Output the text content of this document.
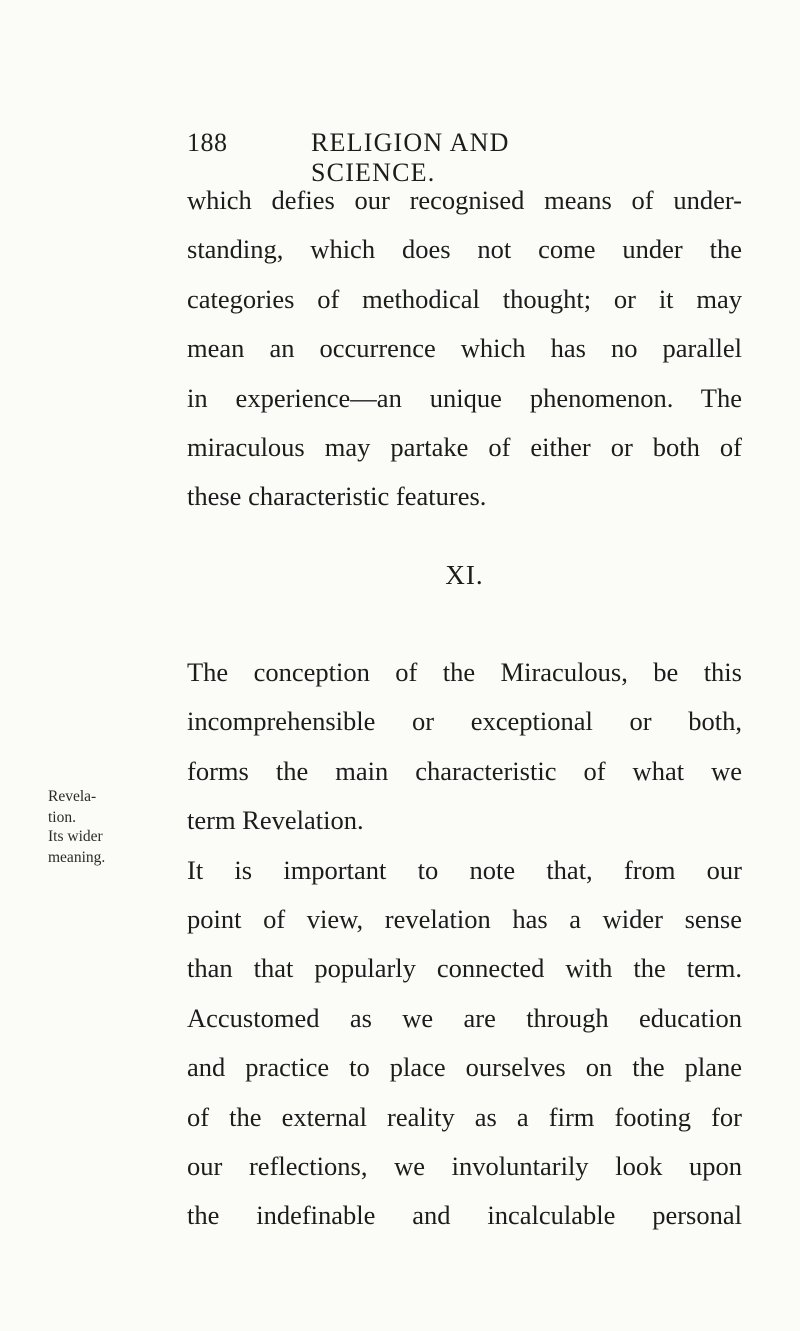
188	RELIGION AND SCIENCE.
which defies our recognised means of under-
standing, which does not come under the
categories of methodical thought; or it may
mean an occurrence which has no parallel
in experience—an unique phenomenon. The
miraculous may partake of either or both of
these characteristic features.
XI.
The conception of the Miraculous, be this
incomprehensible or exceptional or both,
forms the main characteristic of what we
term Revelation.
It is important to note that, from our
point of view, revelation has a wider sense
than that popularly connected with the term.
Accustomed as we are through education
and practice to place ourselves on the plane
of the external reality as a firm footing for
our reflections, we involuntarily look upon
the indefinable and incalculable personal
Revela-
tion.
Its wider
meaning.
